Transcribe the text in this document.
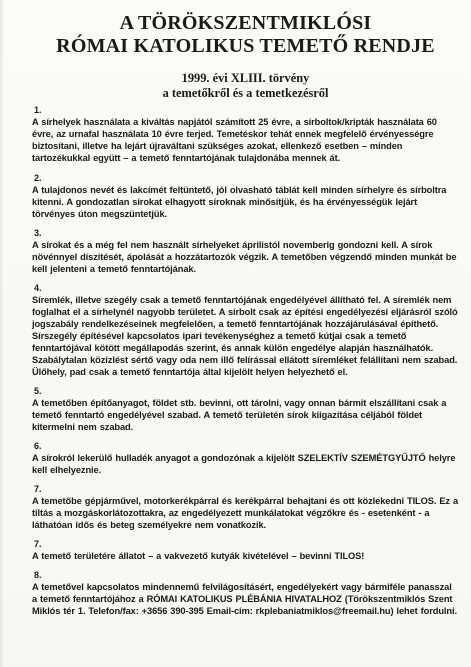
A TÖRÖKSZENTMIKLÓSI
RÓMAI KATOLIKUS TEMETŐ RENDJE
1999. évi XLIII. törvény
a temetőkről és a temetkezésről
1.
A sírhelyek használata a kiváltás napjától számított 25 évre, a sírboltok/kripták használata 60 évre, az urnafal használata 10 évre terjed. Temetéskor tehát ennek megfelelő érvényességre biztosítani, illetve ha lejárt újraváltani szükséges azokat, ellenkező esetben – minden tartozékukkal együtt – a temető fenntartójának tulajdonába mennek át.
2.
A tulajdonos nevét és lakcímét feltüntető, jól olvasható táblát kell minden sírhelyre és sírboltra kitenni. A gondozatlan sírokat elhagyott síroknak minősítjük, és ha érvényességük lejárt törvényes úton megszüntetjük.
3.
A sírokat és a még fel nem használt sírhelyeket áprilistól novemberig gondozni kell. A sírok növénnyel díszítését, ápolását a hozzátartozók végzik. A temetőben végzendő minden munkát be kell jelenteni a temető fenntartójának.
4.
Síremlék, illetve szegély csak a temető fenntartójának engedélyével állítható fel. A síremlék nem foglalhat el a sírhelynél nagyobb területet. A sírbolt csak az építési engedélyezési eljárásról szóló jogszabály rendelkezéseinek megfelelően, a temető fenntartójának hozzájárulásával építhető. Sírszegély építésével kapcsolatos ipari tevékenységhez a temető kútjai csak a temető fenntartójával kötött megállapodás szerint, és annak külön engedélye alapján használhatók. Szabálytalan közízlést sértő vagy oda nem illő felírással ellátott síremléket felállítani nem szabad. Ülőhely, pad csak a temető fenntartója által kijelölt helyen helyezhető el.
5.
A temetőben építőanyagot, földet stb. bevinni, ott tárolni, vagy onnan bármit elszállítani csak a temető fenntartó engedélyével szabad. A temető területén sírok kiigazítása céljából földet kitermelni nem szabad.
6.
A sírokról lekerülő hulladék anyagot a gondozónak a kijelölt SZELEKTÍV SZEMÉTGYŰJTŐ helyre kell elhelyeznie.
7.
A temetőbe gépjárművel, motorkerékpárral és kerékpárral behajtani és ott közlekedni TILOS. Ez a tiltás a mozgáskorlátozottakra, az engedélyezett munkálatokat végzőkre és - esetenként - a láthatóan idős és beteg személyekre nem vonatkozik.
7.
A temető területére állatot – a vakvezető kutyák kivételével – bevinni TILOS!
8.
A temetővel kapcsolatos mindennemű felvilágosításért, engedélyekért vagy bármiféle panasszal a temető fenntartójához a RÓMAI KATOLIKUS PLÉBÁNIA HIVATALHOZ (Törökszentmiklós Szent Miklós tér 1. Telefon/fax: +3656 390-395 Email-cím: rkplebaniatmiklos@freemail.hu) lehet fordulni.
